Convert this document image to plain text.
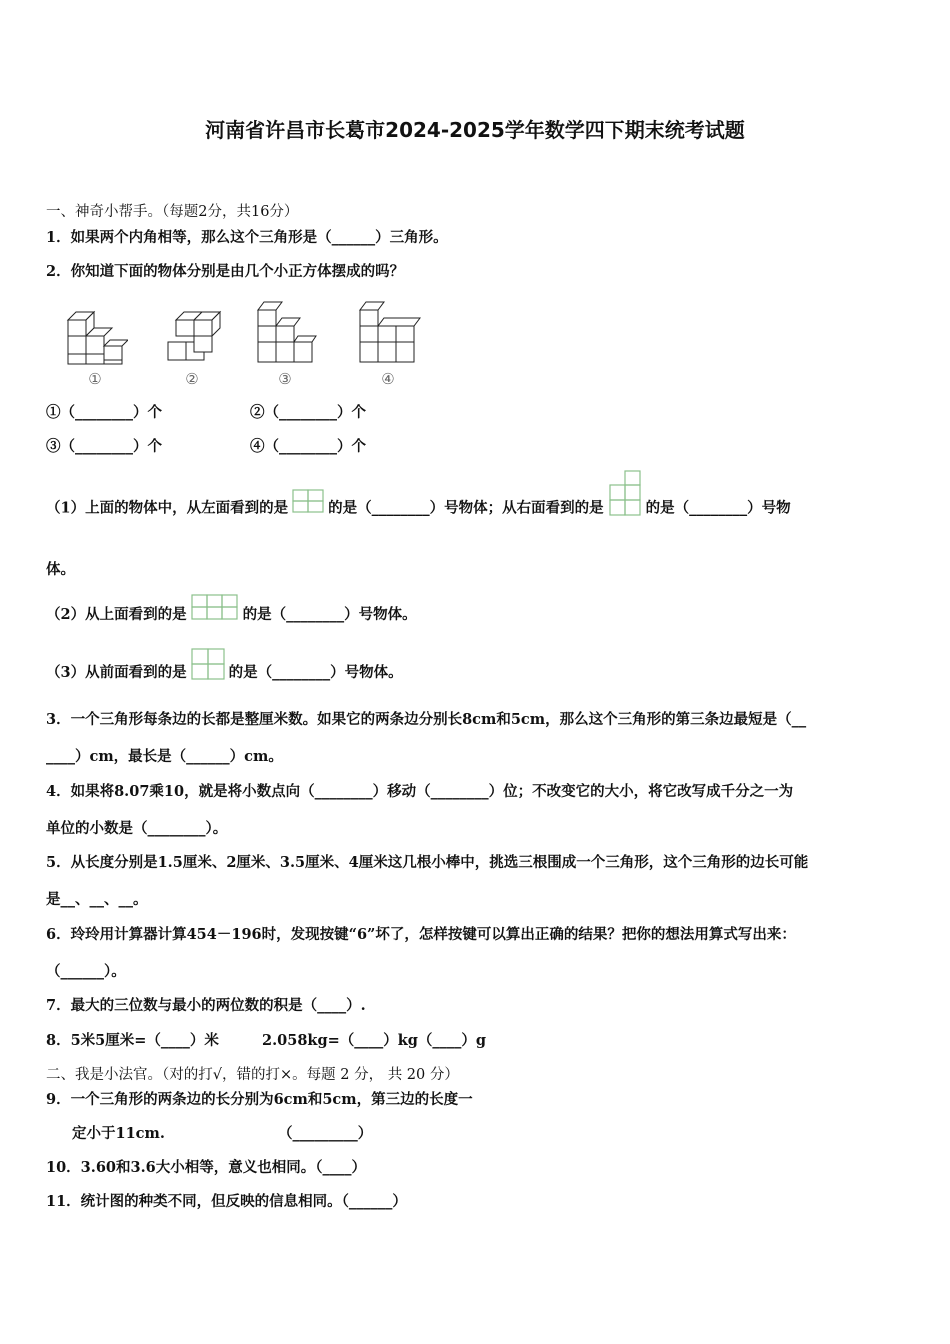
河南省许昌市长葛市2024-2025学年数学四下期末统考试题
一、神奇小帮手。（每题2分，共16分）
1．如果两个内角相等，那么这个三角形是（______）三角形。
2．你知道下面的物体分别是由几个小正方体摆成的吗？
①	②	③	④
①（________）个	②（________）个
③（________）个	④（________）个
（1）上面的物体中，从左面看到的是	的是（________）号物体；从右面看到的是	的是（________）号物
体。
（2）从上面看到的是	的是（________）号物体。
（3）从前面看到的是	的是（________）号物体。
3．一个三角形每条边的长都是整厘米数。如果它的两条边分别长8cm和5cm，那么这个三角形的第三条边最短是（__
____）cm，最长是（______）cm。
4．如果将8.07乘10，就是将小数点向（________）移动（________）位；不改变它的大小，将它改写成千分之一为
单位的小数是（________）。
5．从长度分别是1.5厘米、2厘米、3.5厘米、4厘米这几根小棒中，挑选三根围成一个三角形，这个三角形的边长可能
是__、__、__。
6．玲玲用计算器计算454－196时，发现按键“6”坏了，怎样按键可以算出正确的结果？把你的想法用算式写出来：
（______）。
7．最大的三位数与最小的两位数的积是（____）.
8．5米5厘米=（____）米	2.058kg=（____）kg（____）g
二、我是小法官。（对的打√，错的打×。每题 2 分， 共 20 分）
9．一个三角形的两条边的长分别为6cm和5cm，第三边的长度一
定小于11cm.	（_________）
10．3.60和3.6大小相等，意义也相同。（____）
11．统计图的种类不同，但反映的信息相同。（______）
